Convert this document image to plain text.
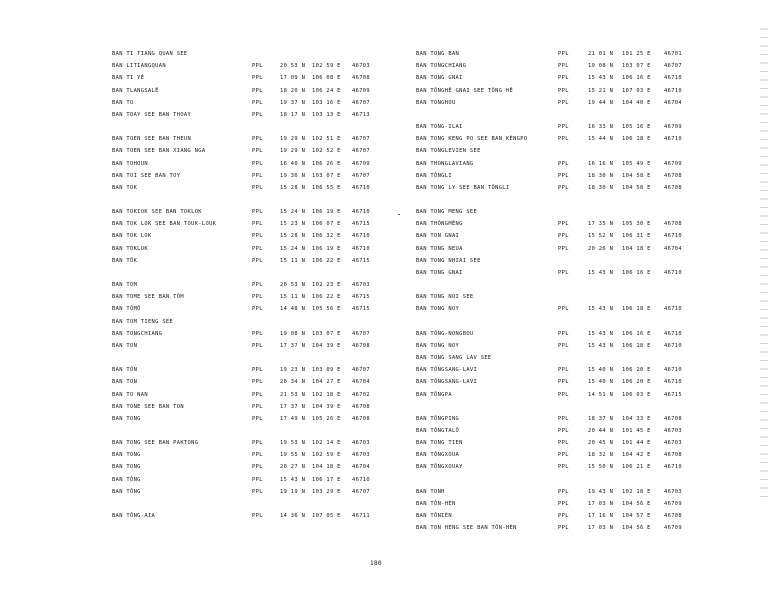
BAN TI TIANG QUAN SEE
BAN LITIANGQUAN	PPL	20 53 N 102 59 E 46703
BAN TI YÊ	PPL	17 09 N 106 08 E 46708
BAN TLANGSALÊ	PPL	18 20 N 106 24 E 46709
BAN TO	PPL	19 37 N 103 16 E 46707
BAN TOAY SEE BAN THOAY	PPL	18 17 N 103 13 E 46713
BAN TOEN SEE BAN THEUN	PPL	19 29 N 102 51 E 46707
BAN TOEN SEE BAN XIANG NGA	PPL	19 29 N 102 52 E 46707
BAN TOHOUN	PPL	16 40 N 106 26 E 46709
BAN TOI SEE BAN TOY	PPL	19 36 N 103 07 E 46707
BAN TOK	PPL	15 28 N 106 55 E 46710
BAN TOKIOK SEE BAN TOKLOK	PPL	15 24 N 106 19 E 46710
BAN TOK LOK SEE BAN TOUK-LOUK	PPL	15 23 N 106 07 E 46715
BAN TOK LOK	PPL	15 28 N 106 32 E 46710
BAN TOKLOK	PPL	15 24 N 106 19 E 46710
BAN TÔK	PPL	15 11 N 106 22 E 46715
BAN TOM	PPL	20 53 N 102 23 E 46703
BAN TOME SEE BAN TÔM	PPL	15 11 N 106 22 E 46715
BAN TÔMÔ	PPL	14 48 N 105 56 E 46715
BAN TOM TIENG SEE
BAN TONGCHIANG	PPL	19 08 N 103 07 E 46707
BAN TON	PPL	17 37 N 104 39 E 46708
BAN TÔN	PPL	19 23 N 103 09 E 46707
BAN TON	PPL	20 34 N 104 27 E 46704
BAN TO NAN	PPL	21 53 N 102 18 E 46702
BAN TONE SEE BAN TON	PPL	17 37 N 104 39 E 46708
BAN TONG	PPL	17 49 N 105 26 E 46708
BAN TONG SEE BAN PAKTONG	PPL	19 53 N 102 14 E 46703
BAN TONG	PPL	19 55 N 102 59 E 46703
BAN TONG	PPL	20 27 N 104 18 E 46704
BAN TÔNG	PPL	15 43 N 106 17 E 46710
BAN TÔNG	PPL	19 19 N 103 29 E 46707
BAN TÔNG-AIA	PPL	14 36 N 107 05 E 46711
BAN TONG BAN	PPL	21 01 N 101 25 E 46701
BAN TONGCHIANG	PPL	19 08 N 103 07 E 46707
BAN TONG GNAI	PPL	15 43 N 106 16 E 46710
BAN TÔNGHÊ GNAI SEE TÔNG HÊ	PPL	15 21 N 107 03 E 46710
BAN TONGHOU	PPL	19 44 N 104 40 E 46704
BAN TONG-ILAI	PPL	16 33 N 105 16 E 46709
BAN TONG KENG PO SEE BAN KÈNGPO	PPL	15 44 N 106 18 E 46710
BAN TONGLEVIEN SEE
BAN THONGLAVIANG	PPL	16 16 N 105 49 E 46709
BAN TÔNGLI	PPL	18 30 N 104 58 E 46708
BAN TONG LY SEE BAN TÔNGLI	PPL	18 30 N 104 58 E 46708
BAN TONG MENG SEE
BAN THÔNGMÊNG	PPL	17 35 N 105 30 E 46708
BAN TON GNAI	PPL	15 52 N 106 31 E 46710
BAN TONG NEUA	PPL	20 26 N 104 18 E 46704
BAN TONG NHIAI SEE
BAN TONG GNAI	PPL	15 43 N 106 16 E 46710
BAN TONG NOI SEE
BAN TONG NOY	PPL	15 43 N 106 18 E 46710
BAN TÔNG-NONGBOU	PPL	15 43 N 106 16 E 46710
BAN TONG NOY	PPL	15 43 N 106 18 E 46710
BAN TONG SANG LAV SEE
BAN TÔNGSANG-LAVI	PPL	15 40 N 106 20 E 46710
BAN TÔNGSANG-LAVI	PPL	15 40 N 106 20 E 46710
BAN TÔNGPA	PPL	14 51 N 106 03 E 46715
BAN TÔNGPING	PPL	18 37 N 104 33 E 46708
BAN TÔNGTALÔ	PPL	20 44 N 101 45 E 46703
BAN TONG TIEN	PPL	20 45 N 101 44 E 46703
BAN TÔNGXOUA	PPL	18 32 N 104 42 E 46708
BAN TÔNGXOUAY	PPL	15 50 N 106 21 E 46710
BAN TONH	PPL	19 43 N 102 18 E 46703
BAN TÔN-HÈN	PPL	17 03 N 104 56 E 46709
BAN TÔNIÈN	PPL	17 16 N 104 57 E 46708
BAN TON HENG SEE BAN TÔN-HÈN	PPL	17 03 N 104 56 E 46709
180
